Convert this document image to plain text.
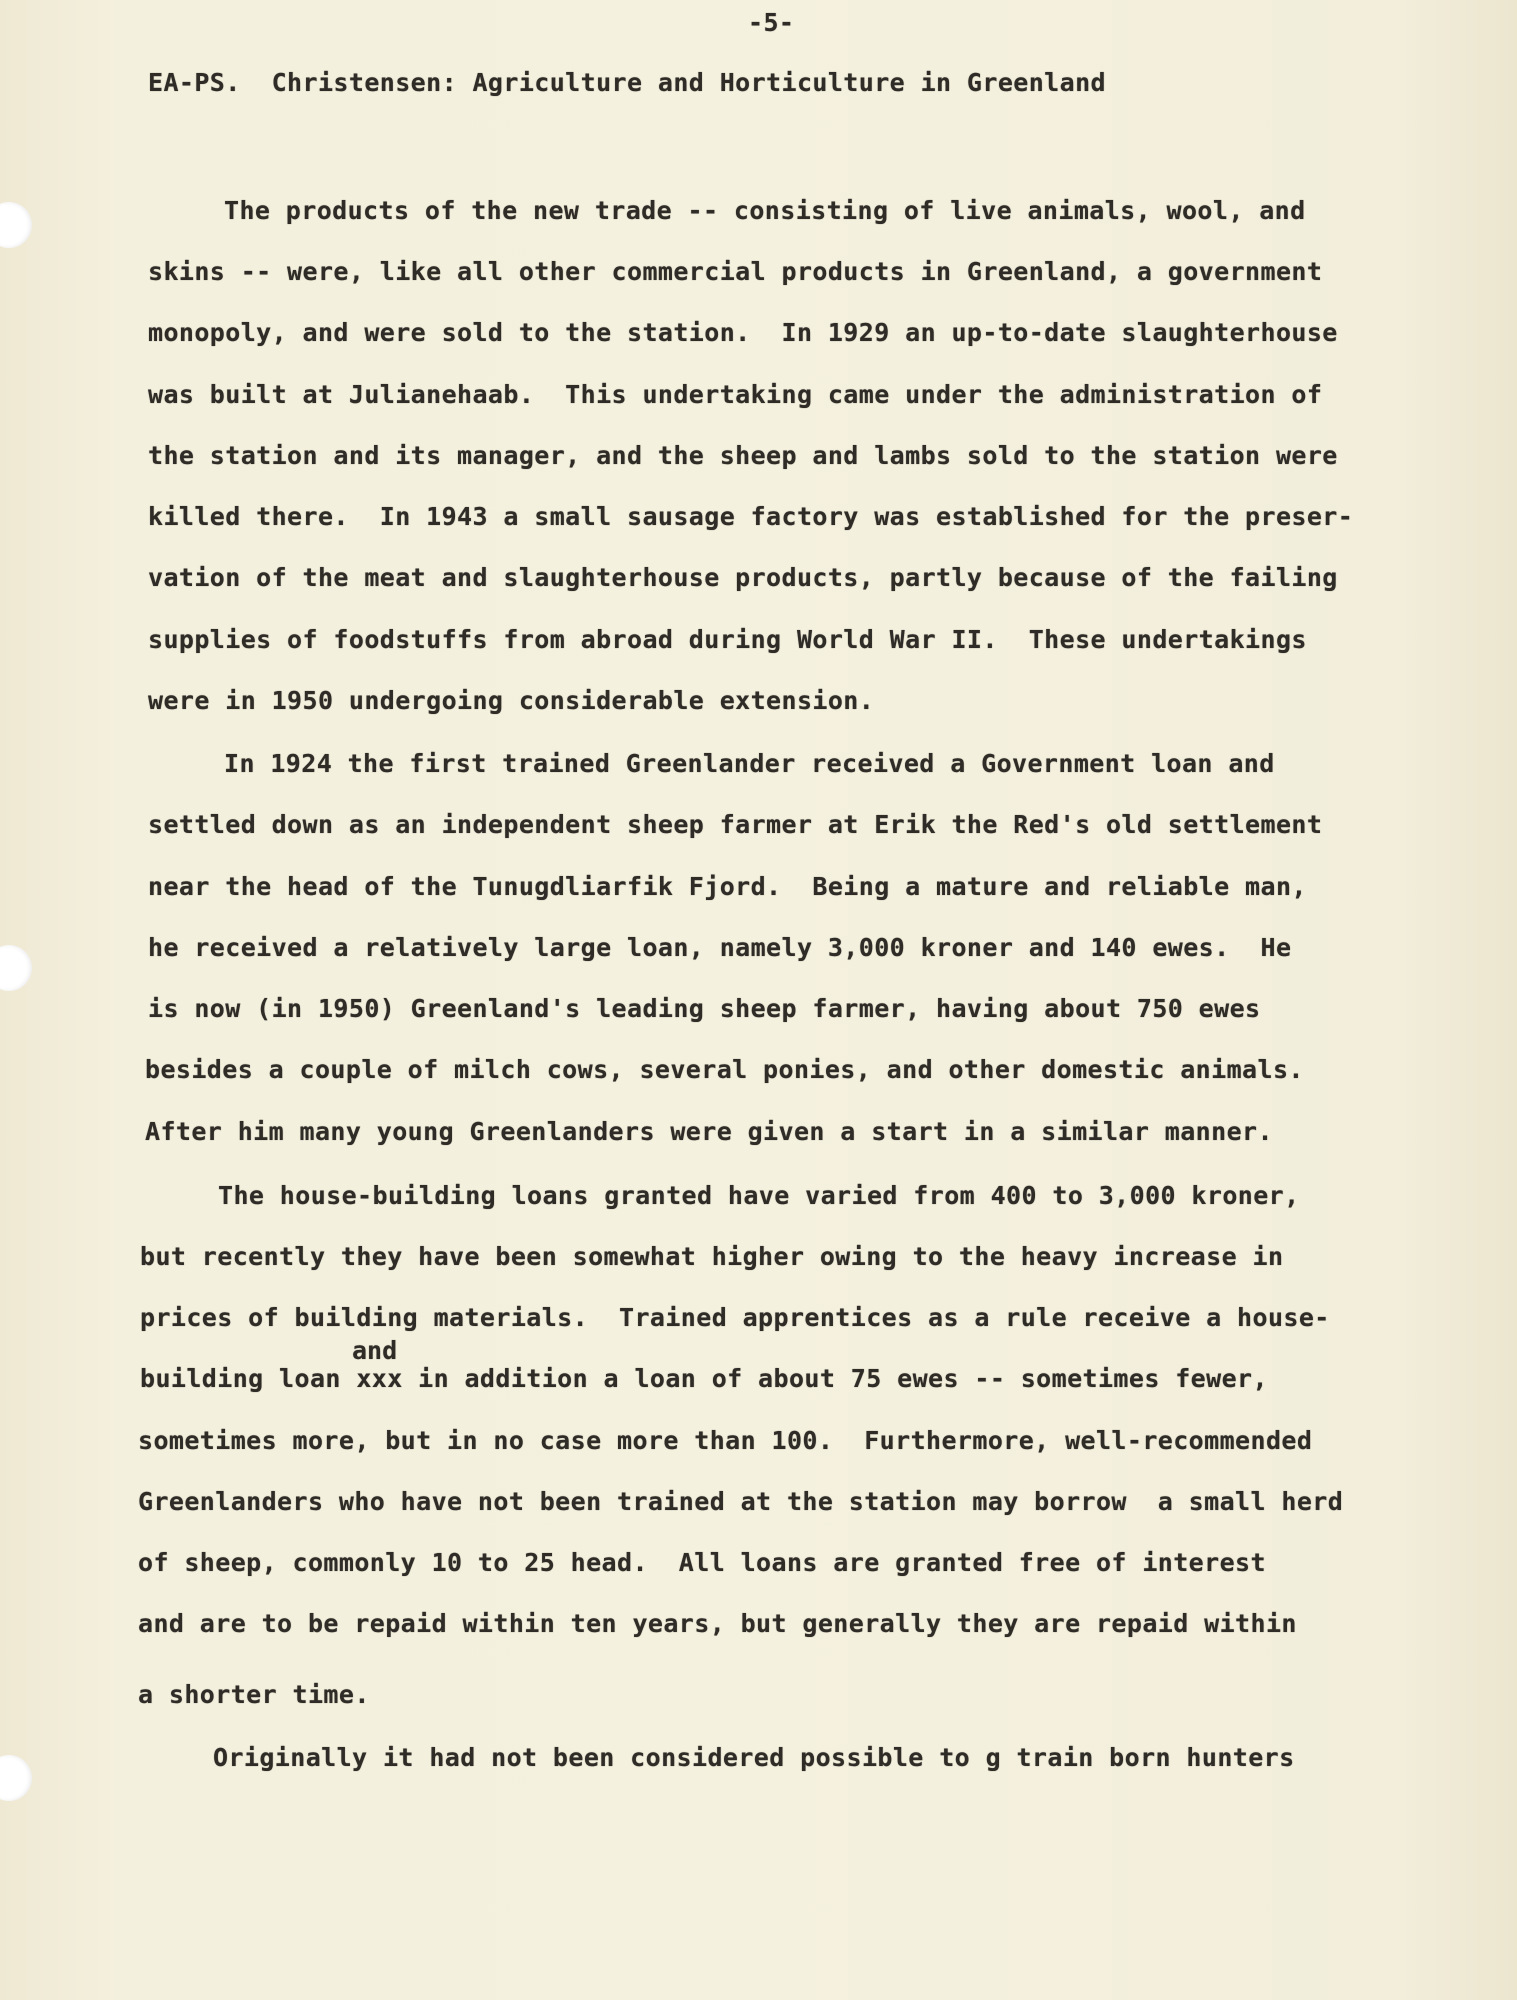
-5-
EA-PS.  Christensen: Agriculture and Horticulture in Greenland
The products of the new trade -- consisting of live animals, wool, and
skins -- were, like all other commercial products in Greenland, a government
monopoly, and were sold to the station.  In 1929 an up-to-date slaughterhouse
was built at Julianehaab.  This undertaking came under the administration of
the station and its manager, and the sheep and lambs sold to the station were
killed there.  In 1943 a small sausage factory was established for the preser-
vation of the meat and slaughterhouse products, partly because of the failing
supplies of foodstuffs from abroad during World War II.  These undertakings
were in 1950 undergoing considerable extension.
In 1924 the first trained Greenlander received a Government loan and
settled down as an independent sheep farmer at Erik the Red's old settlement
near the head of the Tunugdliarfik Fjord.  Being a mature and reliable man,
he received a relatively large loan, namely 3,000 kroner and 140 ewes.  He
is now (in 1950) Greenland's leading sheep farmer, having about 750 ewes
besides a couple of milch cows, several ponies, and other domestic animals.
After him many young Greenlanders were given a start in a similar manner.
The house-building loans granted have varied from 400 to 3,000 kroner,
but recently they have been somewhat higher owing to the heavy increase in
prices of building materials.  Trained apprentices as a rule receive a house-
and
building loan xxx in addition a loan of about 75 ewes -- sometimes fewer,
sometimes more, but in no case more than 100.  Furthermore, well-recommended
Greenlanders who have not been trained at the station may borrow  a small herd
of sheep, commonly 10 to 25 head.  All loans are granted free of interest
and are to be repaid within ten years, but generally they are repaid within
a shorter time.
Originally it had not been considered possible to g train born hunters
